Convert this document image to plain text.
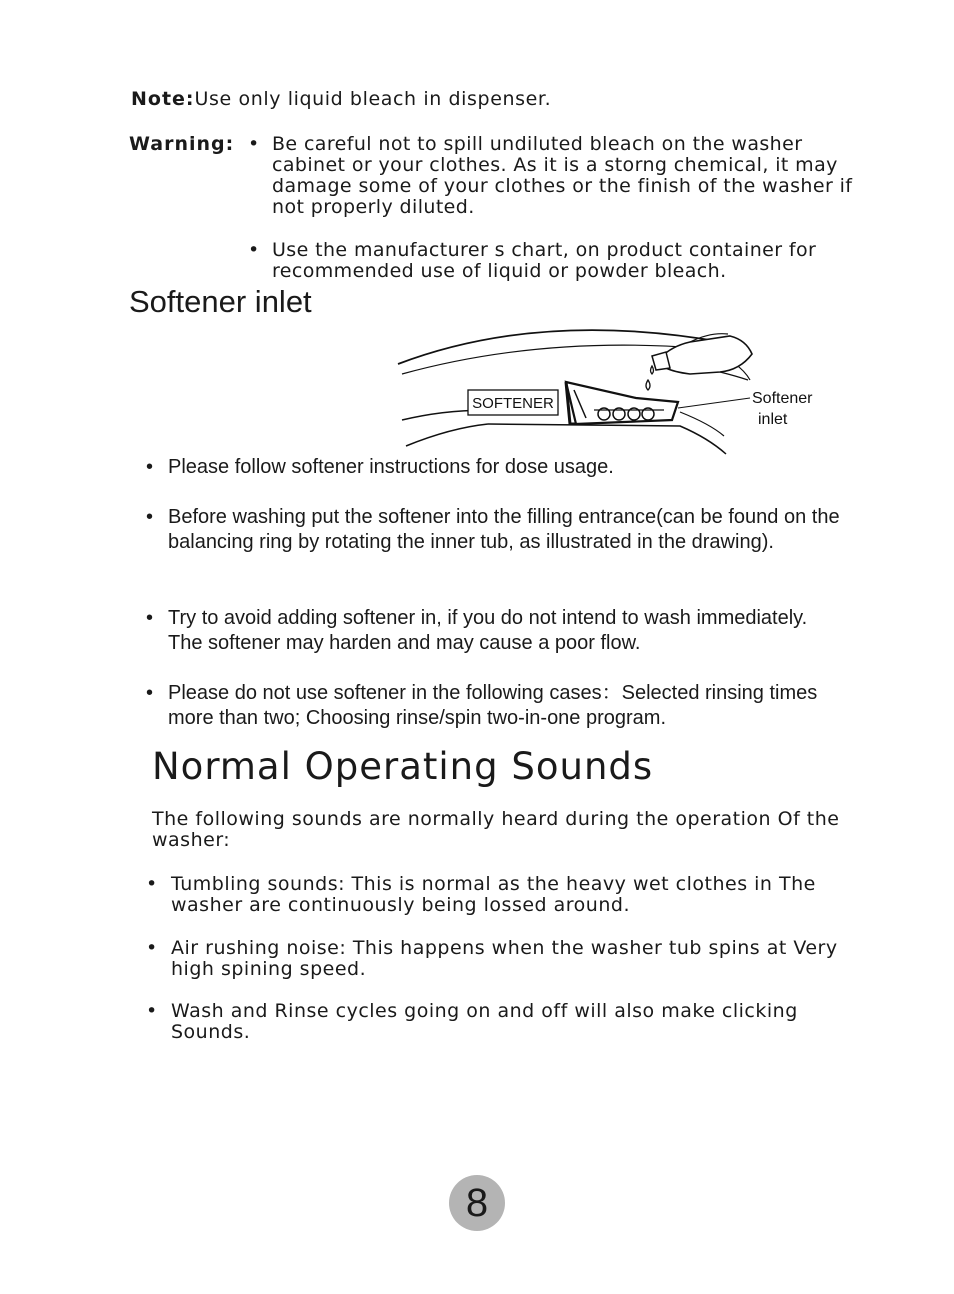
Note:Use only liquid bleach in dispenser.
Warning: • Be careful not to spill undiluted bleach on the washer cabinet or your clothes. As it is a storng chemical, it may damage some of your clothes or the finish of the washer if not properly diluted.
• Use the manufacturer s chart, on product container for recommended use of liquid or powder bleach.
Softener inlet
SOFTENER	Softener
inlet
• Please follow softener instructions for dose usage.
• Before washing put the softener into the filling entrance(can be found on the balancing ring by rotating the inner tub, as illustrated in the drawing).
• Try to avoid adding softener in, if you do not intend to wash immediately. The softener may harden and may cause a poor flow.
• Please do not use softener in the following cases：Selected rinsing times more than two; Choosing rinse/spin two-in-one program.
Normal Operating Sounds
The following sounds are normally heard during the operation Of the washer:
• Tumbling sounds: This is normal as the heavy wet clothes in The washer are continuously being lossed around.
• Air rushing noise: This happens when the washer tub spins at Very high spining speed.
• Wash and Rinse cycles going on and off will also make clicking Sounds.
8
